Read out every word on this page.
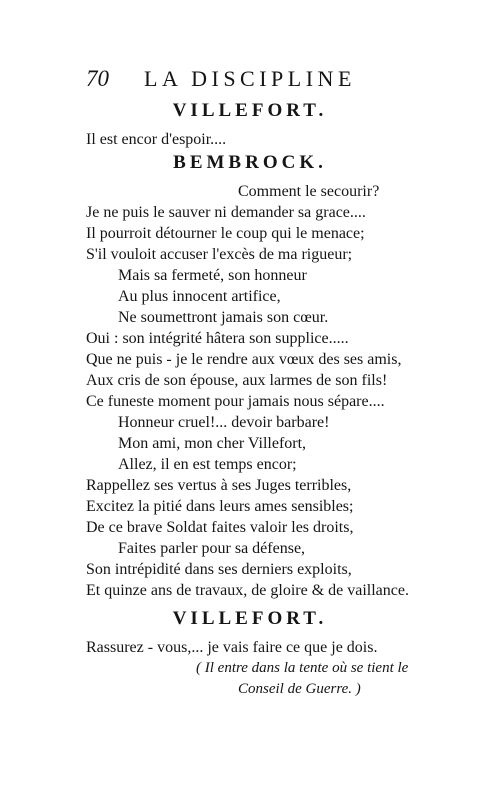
70 LA DISCIPLINE
VILLEFORT.
Il est encor d'espoir....
BEMBROCK.
Comment le secourir?
Je ne puis le sauver ni demander sa grace....
Il pourroit détourner le coup qui le menace;
S'il vouloit accuser l'excès de ma rigueur;
Mais sa fermeté, son honneur
Au plus innocent artifice,
Ne soumettront jamais son cœur.
Oui : son intégrité hâtera son supplice.....
Que ne puis - je le rendre aux vœux des ses amis,
Aux cris de son épouse, aux larmes de son fils!
Ce funeste moment pour jamais nous sépare....
Honneur cruel!... devoir barbare!
Mon ami, mon cher Villefort,
Allez, il en est temps encor;
Rappellez ses vertus à ses Juges terribles,
Excitez la pitié dans leurs ames sensibles;
De ce brave Soldat faites valoir les droits,
Faites parler pour sa défense,
Son intrépidité dans ses derniers exploits,
Et quinze ans de travaux, de gloire & de vaillance.
VILLEFORT.
Rassurez - vous,... je vais faire ce que je dois.
( Il entre dans la tente où se tient le
Conseil de Guerre. )
